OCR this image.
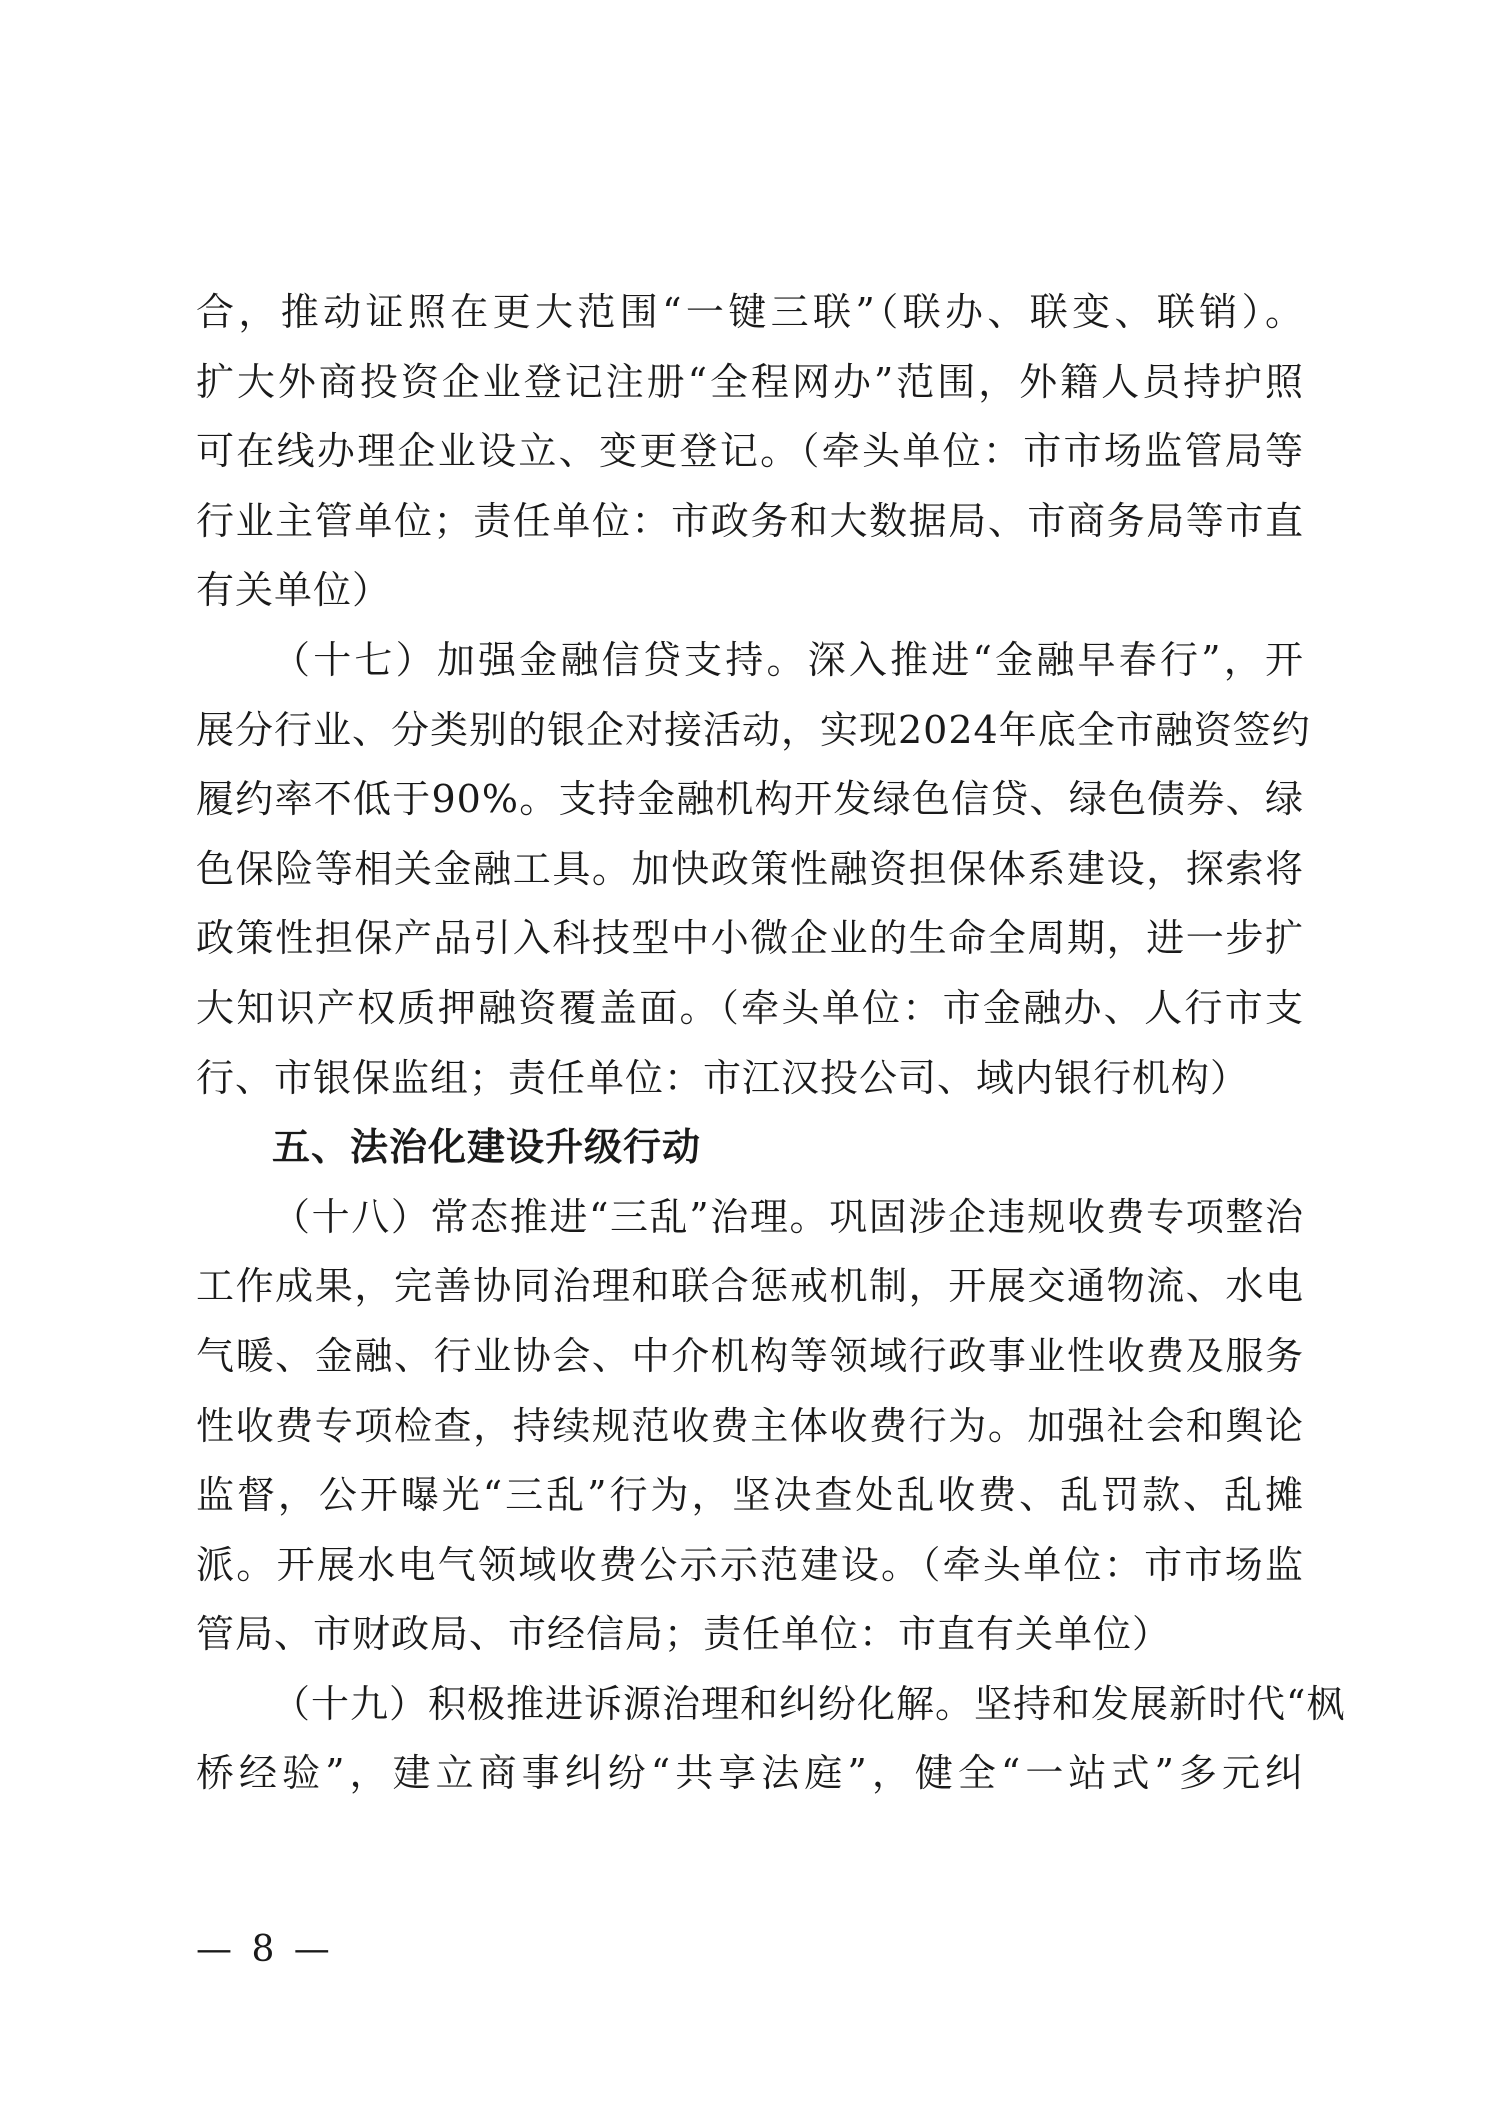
合，推动证照在更大范围“一键三联”（联办、联变、联销）。
扩大外商投资企业登记注册“全程网办”范围，外籍人员持护照
可在线办理企业设立、变更登记。（牵头单位：市市场监管局等
行业主管单位；责任单位：市政务和大数据局、市商务局等市直
有关单位）
（十七）加强金融信贷支持。深入推进“金融早春行”，开
展分行业、分类别的银企对接活动，实现2024年底全市融资签约
履约率不低于90%。支持金融机构开发绿色信贷、绿色债券、绿
色保险等相关金融工具。加快政策性融资担保体系建设，探索将
政策性担保产品引入科技型中小微企业的生命全周期，进一步扩
大知识产权质押融资覆盖面。（牵头单位：市金融办、人行市支
行、市银保监组；责任单位：市江汉投公司、域内银行机构）
五、法治化建设升级行动
（十八）常态推进“三乱”治理。巩固涉企违规收费专项整治
工作成果，完善协同治理和联合惩戒机制，开展交通物流、水电
气暖、金融、行业协会、中介机构等领域行政事业性收费及服务
性收费专项检查，持续规范收费主体收费行为。加强社会和舆论
监督，公开曝光“三乱”行为，坚决查处乱收费、乱罚款、乱摊
派。开展水电气领域收费公示示范建设。（牵头单位：市市场监
管局、市财政局、市经信局；责任单位：市直有关单位）
（十九）积极推进诉源治理和纠纷化解。坚持和发展新时代“枫
桥经验”，建立商事纠纷“共享法庭”，健全“一站式”多元纠
— 8 —
